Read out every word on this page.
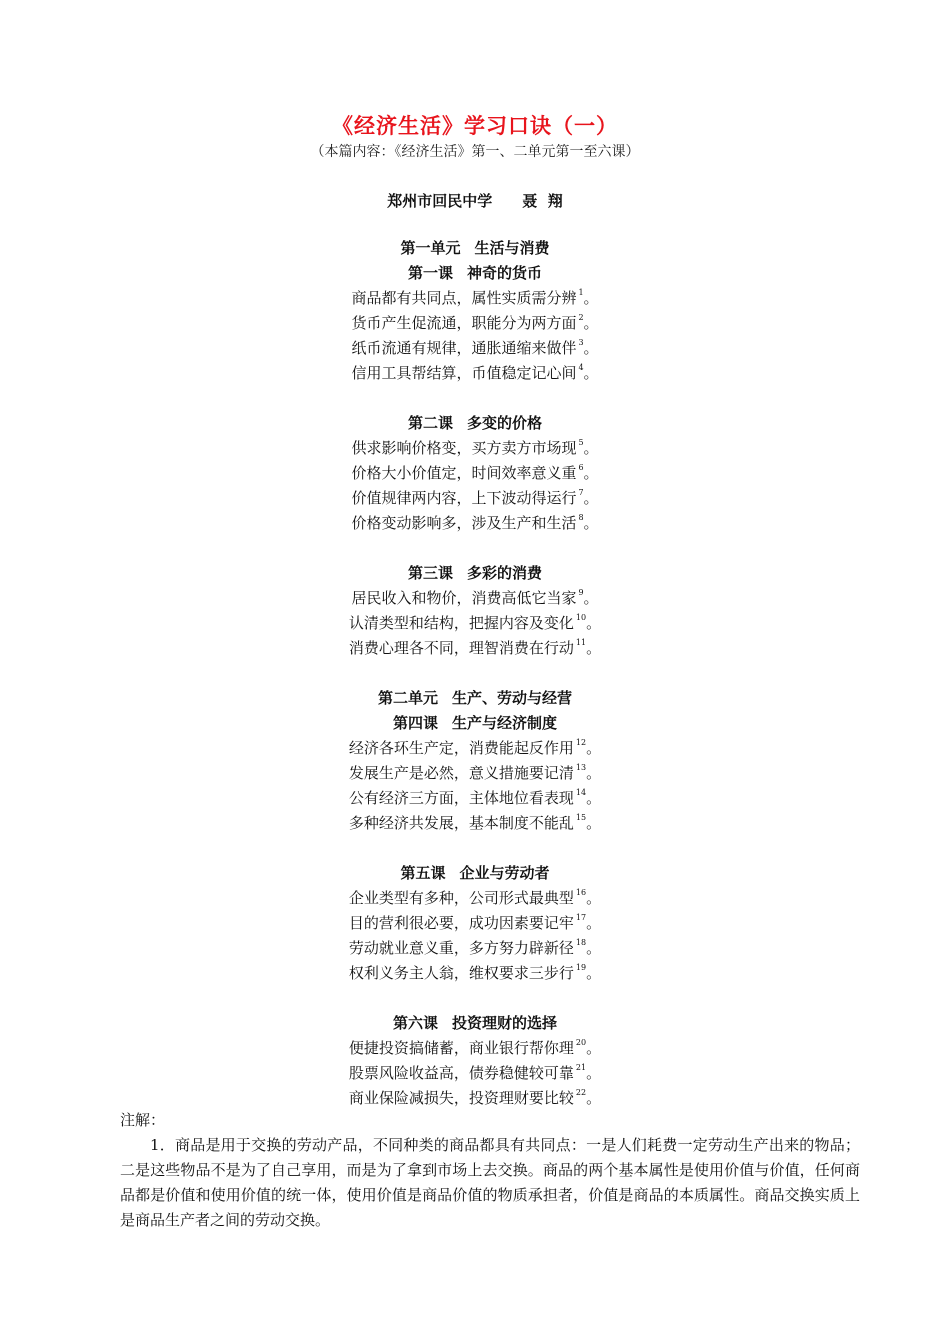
《经济生活》学习口诀（一）
（本篇内容：《经济生活》第一、二单元第一至六课）
郑州市回民中学 聂  翔
第一单元 生活与消费
第一课 神奇的货币
商品都有共同点，属性实质需分辨 $^1$。
货币产生促流通，职能分为两方面 $^2$。
纸币流通有规律，通胀通缩来做伴 $^3$。
信用工具帮结算，币值稳定记心间 $^4$。
第二课 多变的价格
供求影响价格变，买方卖方市场现 $^5$。
价格大小价值定，时间效率意义重 $^6$。
价值规律两内容，上下波动得运行 $^7$。
价格变动影响多，涉及生产和生活 $^8$。
第三课 多彩的消费
居民收入和物价，消费高低它当家 $^9$。
认清类型和结构，把握内容及变化 $^{10}$。
消费心理各不同，理智消费在行动 $^{11}$。
第二单元 生产、劳动与经营
第四课 生产与经济制度
经济各环生产定，消费能起反作用 $^{12}$。
发展生产是必然，意义措施要记清 $^{13}$。
公有经济三方面，主体地位看表现 $^{14}$。
多种经济共发展，基本制度不能乱 $^{15}$。
第五课 企业与劳动者
企业类型有多种，公司形式最典型 $^{16}$。
目的营利很必要，成功因素要记牢 $^{17}$。
劳动就业意义重，多方努力辟新径 $^{18}$。
权利义务主人翁，维权要求三步行 $^{19}$。
第六课 投资理财的选择
便捷投资搞储蓄，商业银行帮你理 $^{20}$。
股票风险收益高，债券稳健较可靠 $^{21}$。
商业保险减损失，投资理财要比较 $^{22}$。
注解：

1．商品是用于交换的劳动产品，不同种类的商品都具有共同点：一是人们耗费一定劳动生产出来的物品；二是这些物品不是为了自己享用，而是为了拿到市场上去交换。商品的两个基本属性是使用价值与价值，任何商品都是价值和使用价值的统一体，使用价值是商品价值的物质承担者，价值是商品的本质属性。商品交换实质上是商品生产者之间的劳动交换。
